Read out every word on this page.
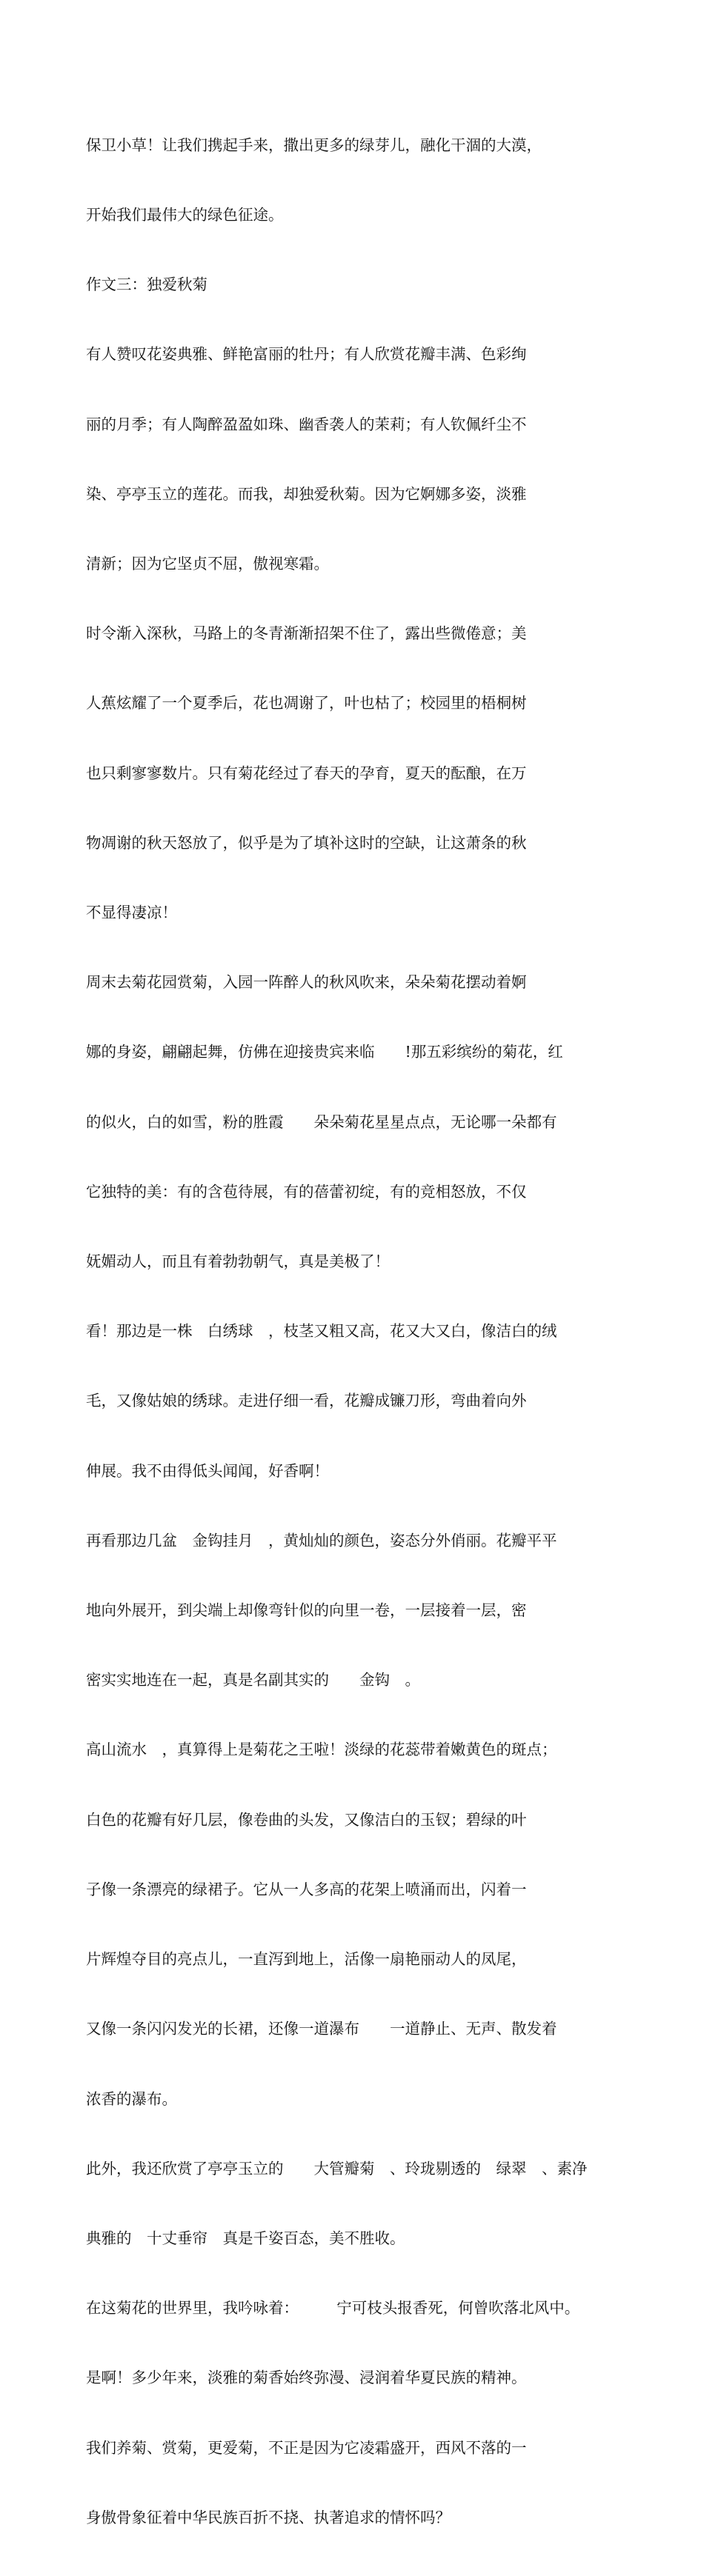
保卫小草！让我们携起手来，撒出更多的绿芽儿，融化干涸的大漠，

开始我们最伟大的绿色征途。

作文三：独爱秋菊

有人赞叹花姿典雅、鲜艳富丽的牡丹；有人欣赏花瓣丰满、色彩绚

丽的月季；有人陶醉盈盈如珠、幽香袭人的茉莉；有人钦佩纤尘不

染、亭亭玉立的莲花。而我，却独爱秋菊。因为它婀娜多姿，淡雅

清新；因为它坚贞不屈，傲视寒霜。

时令渐入深秋，马路上的冬青渐渐招架不住了，露出些微倦意；美

人蕉炫耀了一个夏季后，花也凋谢了，叶也枯了；校园里的梧桐树

也只剩寥寥数片。只有菊花经过了春天的孕育，夏天的酝酿，在万

物凋谢的秋天怒放了，似乎是为了填补这时的空缺，让这萧条的秋

不显得凄凉！

周末去菊花园赏菊，入园一阵醉人的秋风吹来，朵朵菊花摆动着婀

娜的身姿，翩翩起舞，仿佛在迎接贵宾来临　　!那五彩缤纷的菊花，红

的似火，白的如雪，粉的胜霞　　朵朵菊花星星点点，无论哪一朵都有

它独特的美：有的含苞待展，有的蓓蕾初绽，有的竞相怒放，不仅

妩媚动人，而且有着勃勃朝气，真是美极了！

看！那边是一株　白绣球　，枝茎又粗又高，花又大又白，像洁白的绒

毛，又像姑娘的绣球。走进仔细一看，花瓣成镰刀形，弯曲着向外

伸展。我不由得低头闻闻，好香啊！

再看那边几盆　金钩挂月　，黄灿灿的颜色，姿态分外俏丽。花瓣平平

地向外展开，到尖端上却像弯针似的向里一卷，一层接着一层，密

密实实地连在一起，真是名副其实的　　金钩　。

高山流水　，真算得上是菊花之王啦！淡绿的花蕊带着嫩黄色的斑点；

白色的花瓣有好几层，像卷曲的头发，又像洁白的玉钗；碧绿的叶

子像一条漂亮的绿裙子。它从一人多高的花架上喷涌而出，闪着一

片辉煌夺目的亮点儿，一直泻到地上，活像一扇艳丽动人的凤尾，

又像一条闪闪发光的长裙，还像一道瀑布　　一道静止、无声、散发着

浓香的瀑布。

此外，我还欣赏了亭亭玉立的　　大管瓣菊　、玲珑剔透的　绿翠　、素净

典雅的　十丈垂帘　真是千姿百态，美不胜收。

在这菊花的世界里，我吟咏着：　　　宁可枝头报香死，何曾吹落北风中。

是啊！多少年来，淡雅的菊香始终弥漫、浸润着华夏民族的精神。

我们养菊、赏菊，更爱菊，不正是因为它凌霜盛开，西风不落的一

身傲骨象征着中华民族百折不挠、执著追求的情怀吗？
